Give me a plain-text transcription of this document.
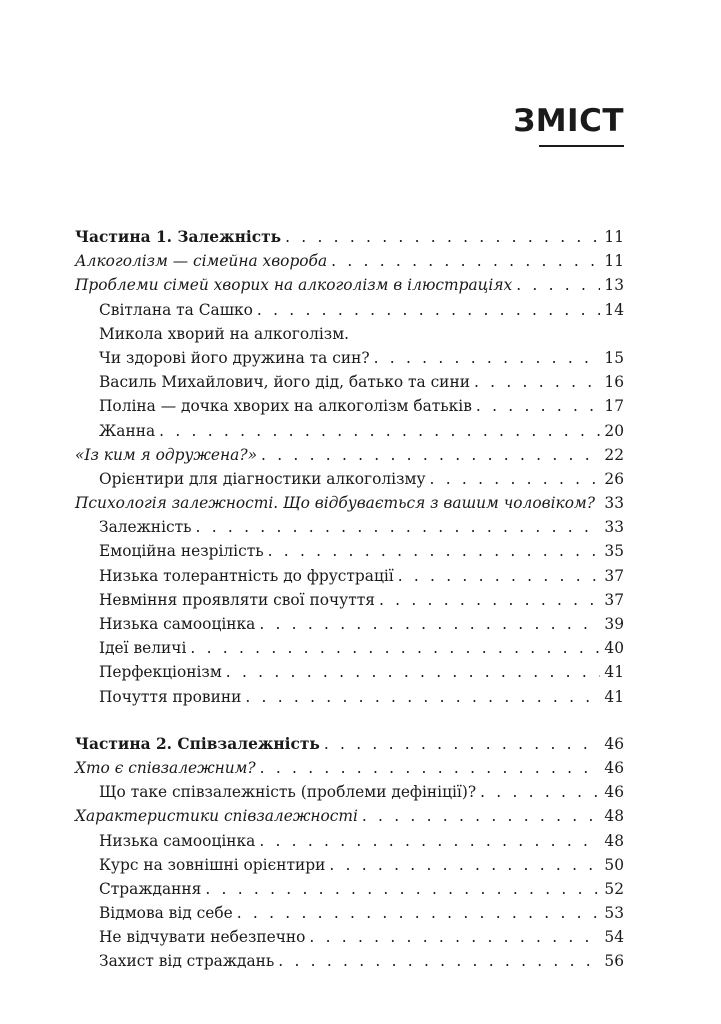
ЗМІСТ
Частина 1. Залежність . . .	11
Алкоголізм — сімейна хвороба . . .	11
Проблеми сімей хворих на алкоголізм в ілюстраціях . . .	13
Світлана та Сашко . . .	14
Микола хворий на алкоголізм.
Чи здорові його дружина та син? . . .	15
Василь Михайлович, його дід, батько та сини . . .	16
Поліна — дочка хворих на алкоголізм батьків . . .	17
Жанна . . .	20
«Із ким я одружена?» . . .	22
Орієнтири для діагностики алкоголізму . . .	26
Психологія залежності. Що відбувається з вашим чоловіком? . . . 33
Залежність . . .	33
Емоційна незрілість . . .	35
Низька толерантність до фрустрації . . .	37
Невміння проявляти свої почуття . . .	37
Низька самооцінка . . .	39
Ідеї величі . . .	40
Перфекціонізм . . .	41
Почуття провини . . .	41
Частина 2. Співзалежність . . .	46
Хто є співзалежним? . . .	46
Що таке співзалежність (проблеми дефініції)? . . .	46
Характеристики співзалежності . . .	48
Низька самооцінка . . .	48
Курс на зовнішні орієнтири . . .	50
Страждання . . .	52
Відмова від себе . . .	53
Не відчувати небезпечно . . .	54
Захист від страждань . . .	56
